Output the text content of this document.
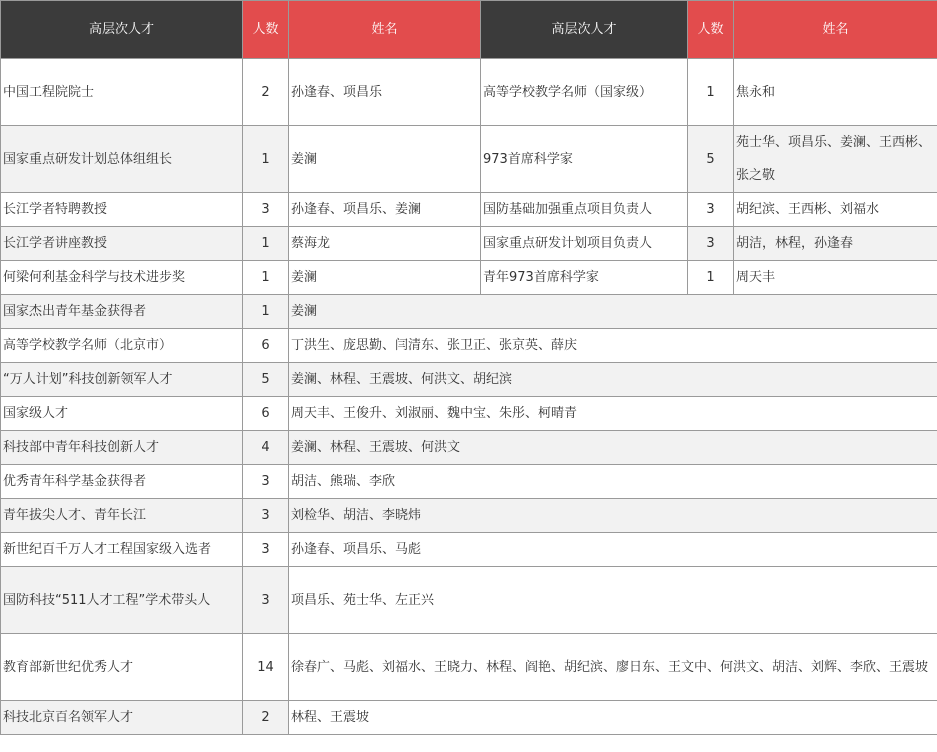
高层次人才	人数	姓名	高层次人才	人数	姓名
中国工程院院士	2	孙逢春、项昌乐	高等学校教学名师（国家级）	1	焦永和
国家重点研发计划总体组组长	1	姜澜	973首席科学家	5	苑士华、项昌乐、姜澜、王西彬、张之敬
长江学者特聘教授	3	孙逢春、项昌乐、姜澜	国防基础加强重点项目负责人	3	胡纪滨、王西彬、刘福水
长江学者讲座教授	1	蔡海龙	国家重点研发计划项目负责人	3	胡洁，林程，孙逢春
何梁何利基金科学与技术进步奖	1	姜澜	青年973首席科学家	1	周天丰
国家杰出青年基金获得者	1	姜澜			
高等学校教学名师（北京市）	6	丁洪生、庞思勤、闫清东、张卫正、张京英、薛庆			
“万人计划”科技创新领军人才	5	姜澜、林程、王震坡、何洪文、胡纪滨			
国家级人才	6	周天丰、王俊升、刘淑丽、魏中宝、朱彤、柯晴青			
科技部中青年科技创新人才	4	姜澜、林程、王震坡、何洪文			
优秀青年科学基金获得者	3	胡洁、熊瑞、李欣			
青年拔尖人才、青年长江	3	刘检华、胡洁、李晓炜			
新世纪百千万人才工程国家级入选者	3	孙逢春、项昌乐、马彪			
国防科技“511人才工程”学术带头人	3	项昌乐、苑士华、左正兴			
教育部新世纪优秀人才	14	徐春广、马彪、刘福水、王晓力、林程、阎艳、胡纪滨、廖日东、王文中、何洪文、胡洁、刘辉、李欣、王震坡			
科技北京百名领军人才	2	林程、王震坡			
